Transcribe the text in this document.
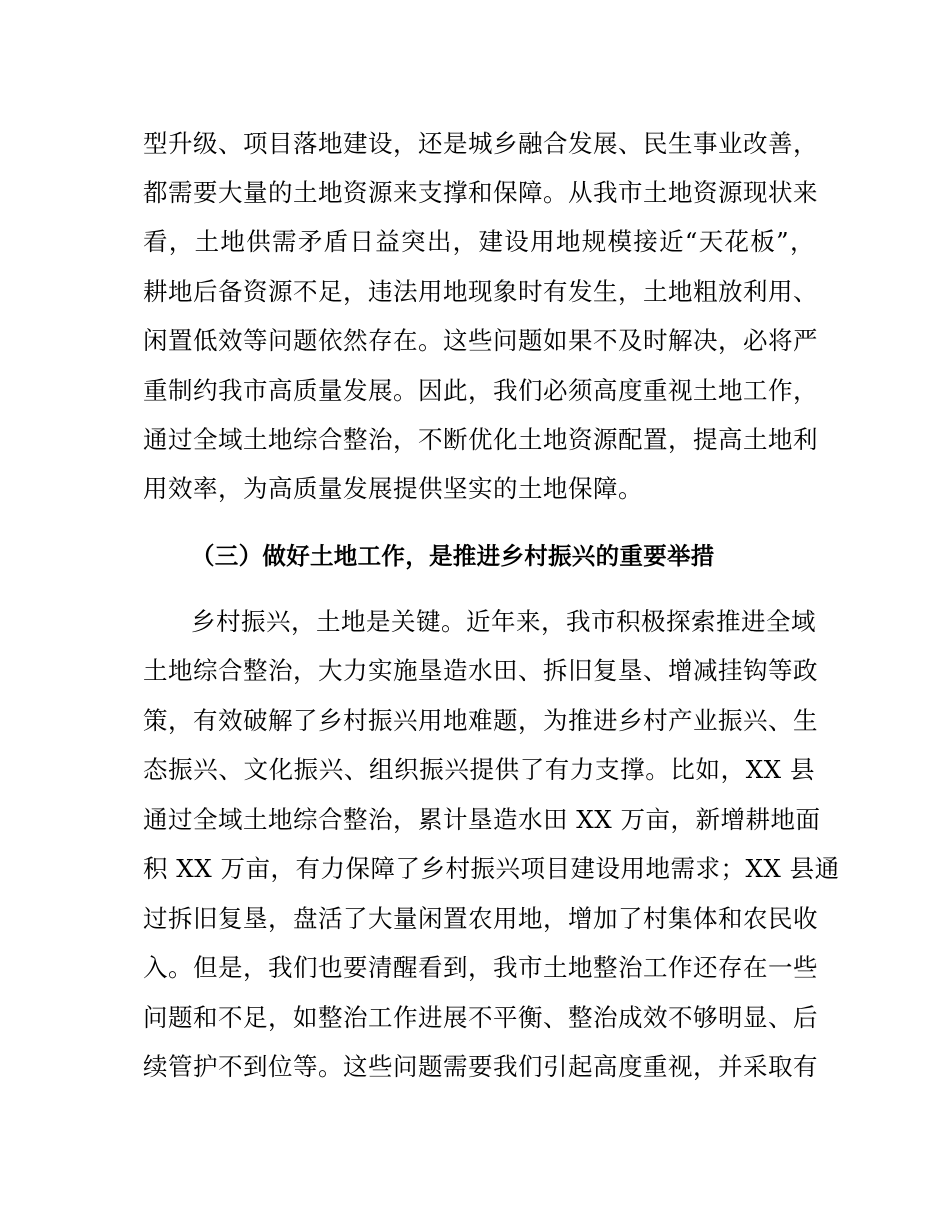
型升级、项目落地建设，还是城乡融合发展、民生事业改善，
都需要大量的土地资源来支撑和保障。从我市土地资源现状来
看，土地供需矛盾日益突出，建设用地规模接近“天花板”，
耕地后备资源不足，违法用地现象时有发生，土地粗放利用、
闲置低效等问题依然存在。这些问题如果不及时解决，必将严
重制约我市高质量发展。因此，我们必须高度重视土地工作，
通过全域土地综合整治，不断优化土地资源配置，提高土地利
用效率，为高质量发展提供坚实的土地保障。
（三）做好土地工作，是推进乡村振兴的重要举措
乡村振兴，土地是关键。近年来，我市积极探索推进全域
土地综合整治，大力实施垦造水田、拆旧复垦、增减挂钩等政
策，有效破解了乡村振兴用地难题，为推进乡村产业振兴、生
态振兴、文化振兴、组织振兴提供了有力支撑。比如，XX 县
通过全域土地综合整治，累计垦造水田 XX 万亩，新增耕地面
积 XX 万亩，有力保障了乡村振兴项目建设用地需求；XX 县通
过拆旧复垦，盘活了大量闲置农用地，增加了村集体和农民收
入。但是，我们也要清醒看到，我市土地整治工作还存在一些
问题和不足，如整治工作进展不平衡、整治成效不够明显、后
续管护不到位等。这些问题需要我们引起高度重视，并采取有
